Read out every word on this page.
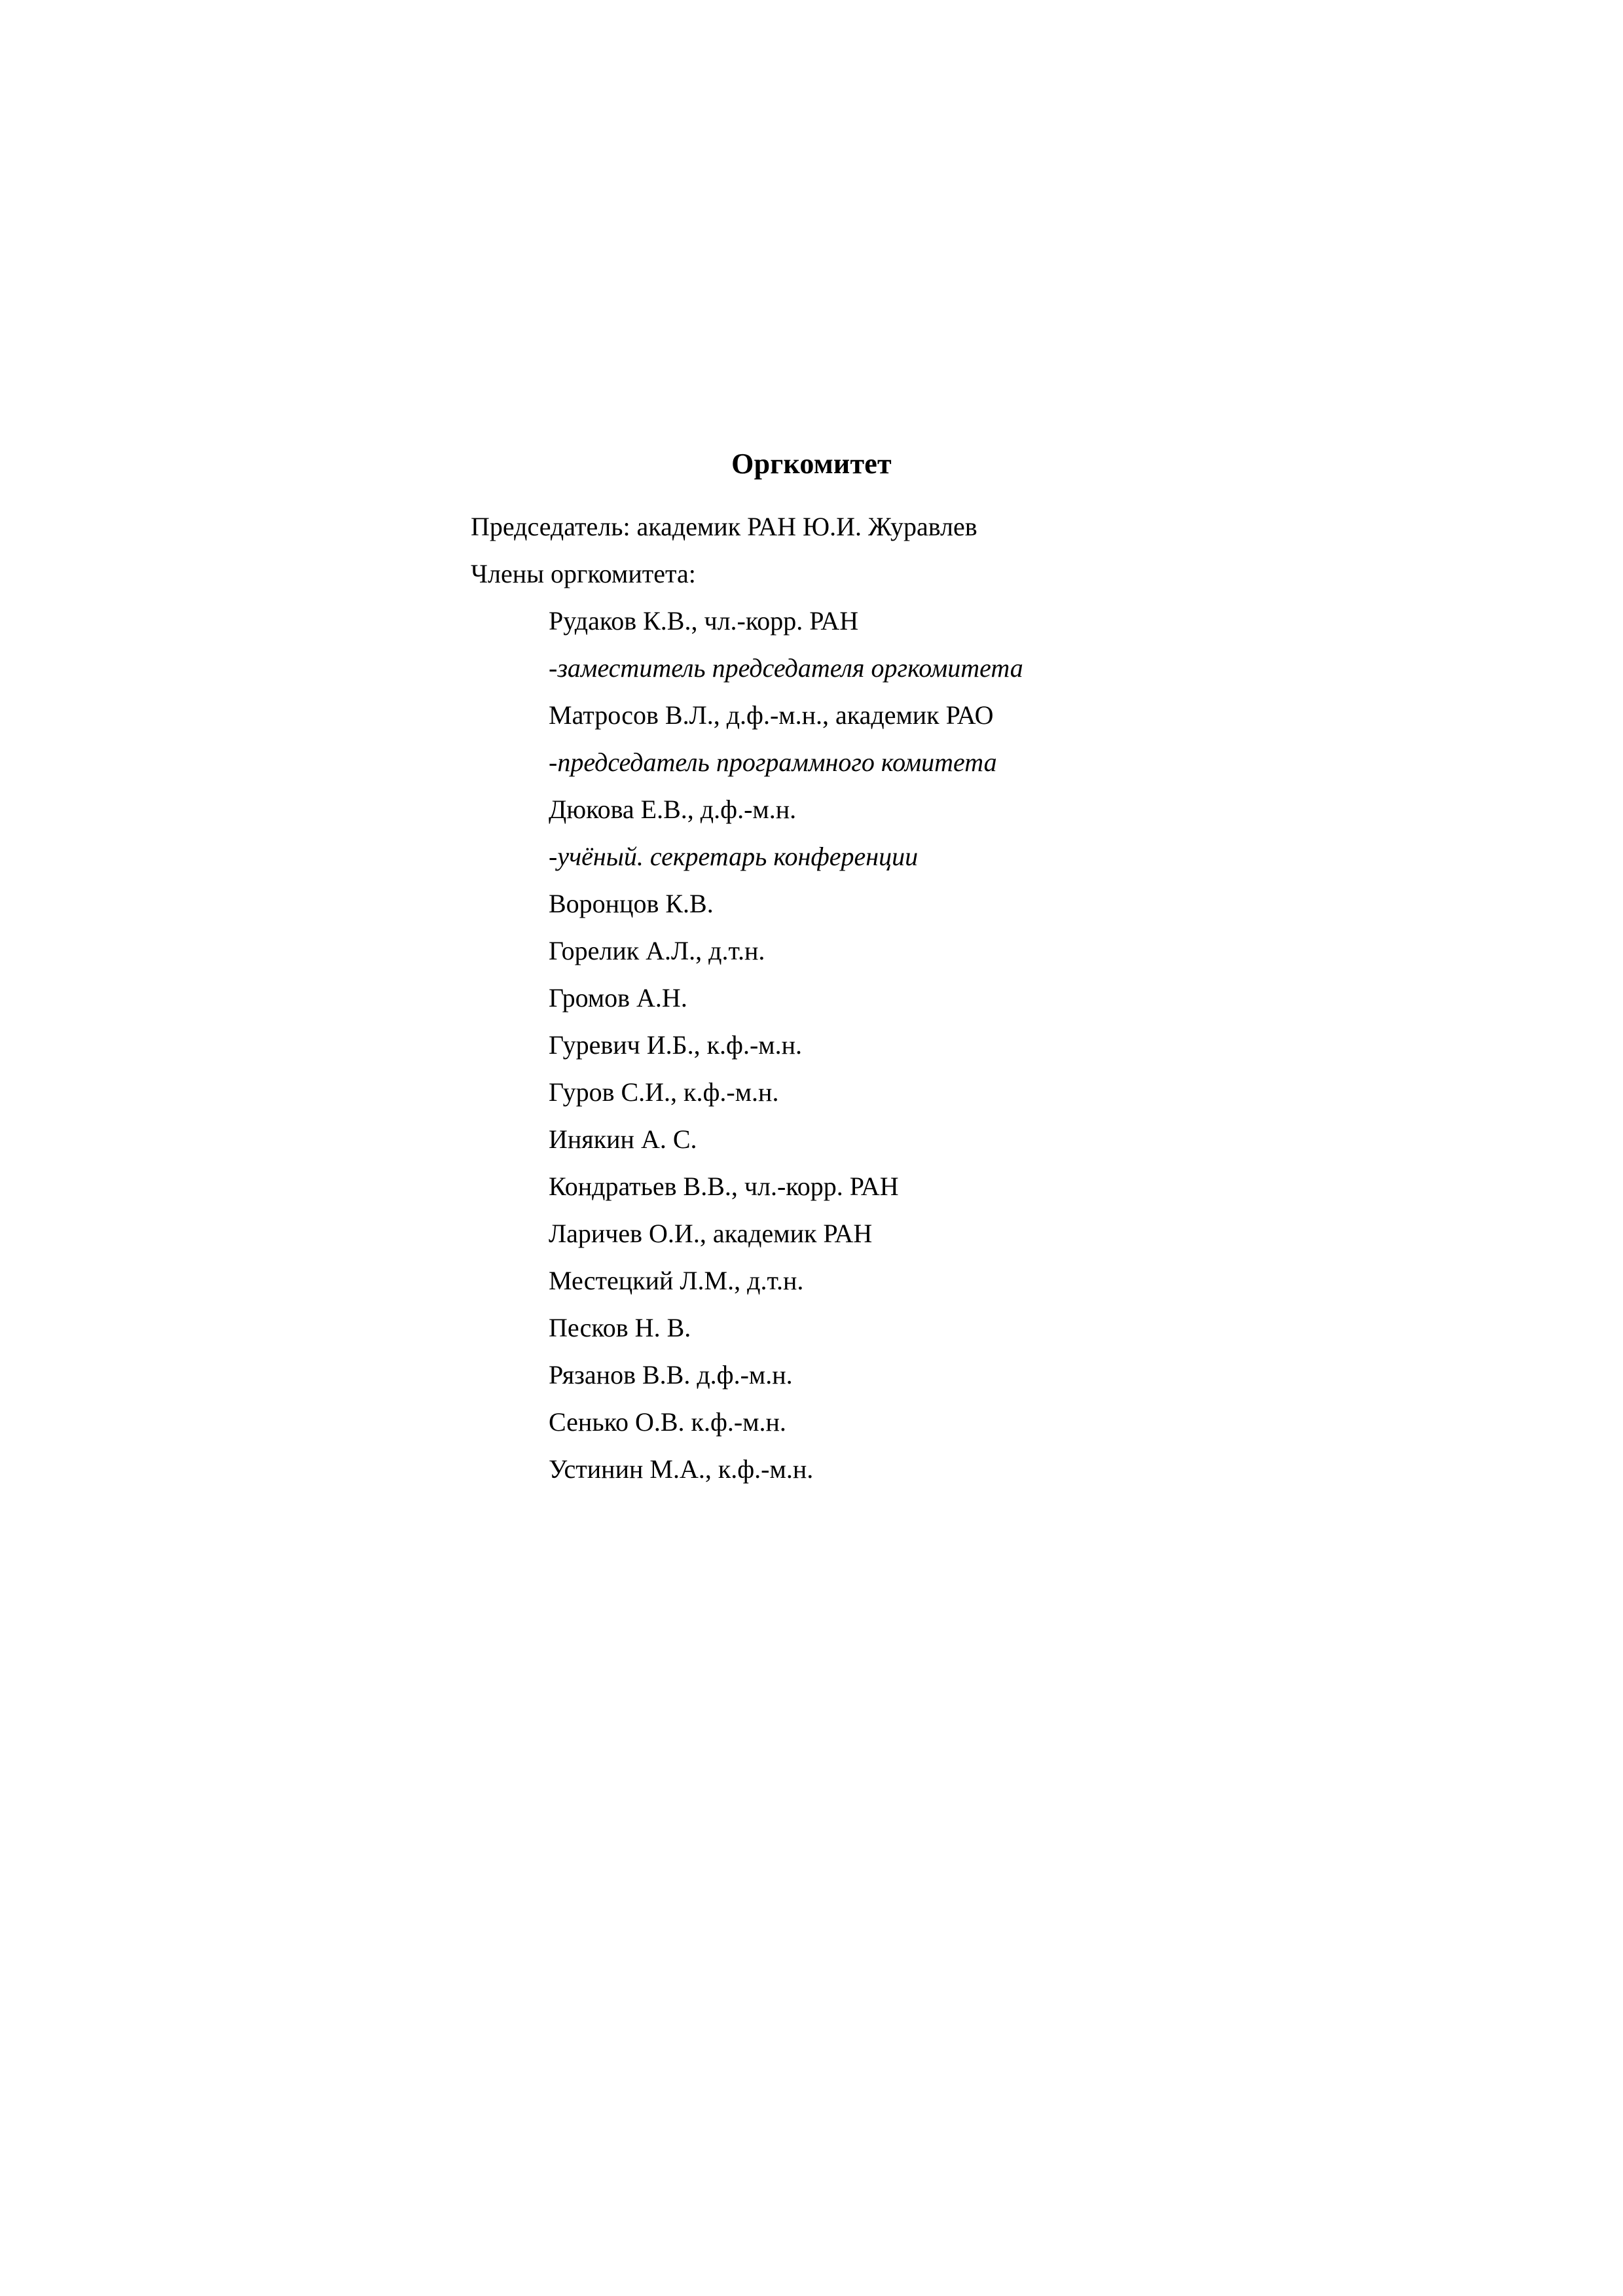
Оргкомитет
Председатель: академик РАН Ю.И. Журавлев
Члены оргкомитета:
Рудаков К.В., чл.-корр. РАН
-заместитель председателя оргкомитета
Матросов В.Л., д.ф.-м.н., академик РАО
-председатель программного комитета
Дюкова Е.В., д.ф.-м.н.
-учёный. секретарь конференции
Воронцов К.В.
Горелик А.Л., д.т.н.
Громов А.Н.
Гуревич И.Б., к.ф.-м.н.
Гуров С.И., к.ф.-м.н.
Инякин А. С.
Кондратьев В.В., чл.-корр. РАН
Ларичев О.И., академик РАН
Местецкий Л.М., д.т.н.
Песков Н. В.
Рязанов В.В. д.ф.-м.н.
Сенько О.В. к.ф.-м.н.
Устинин М.А., к.ф.-м.н.
